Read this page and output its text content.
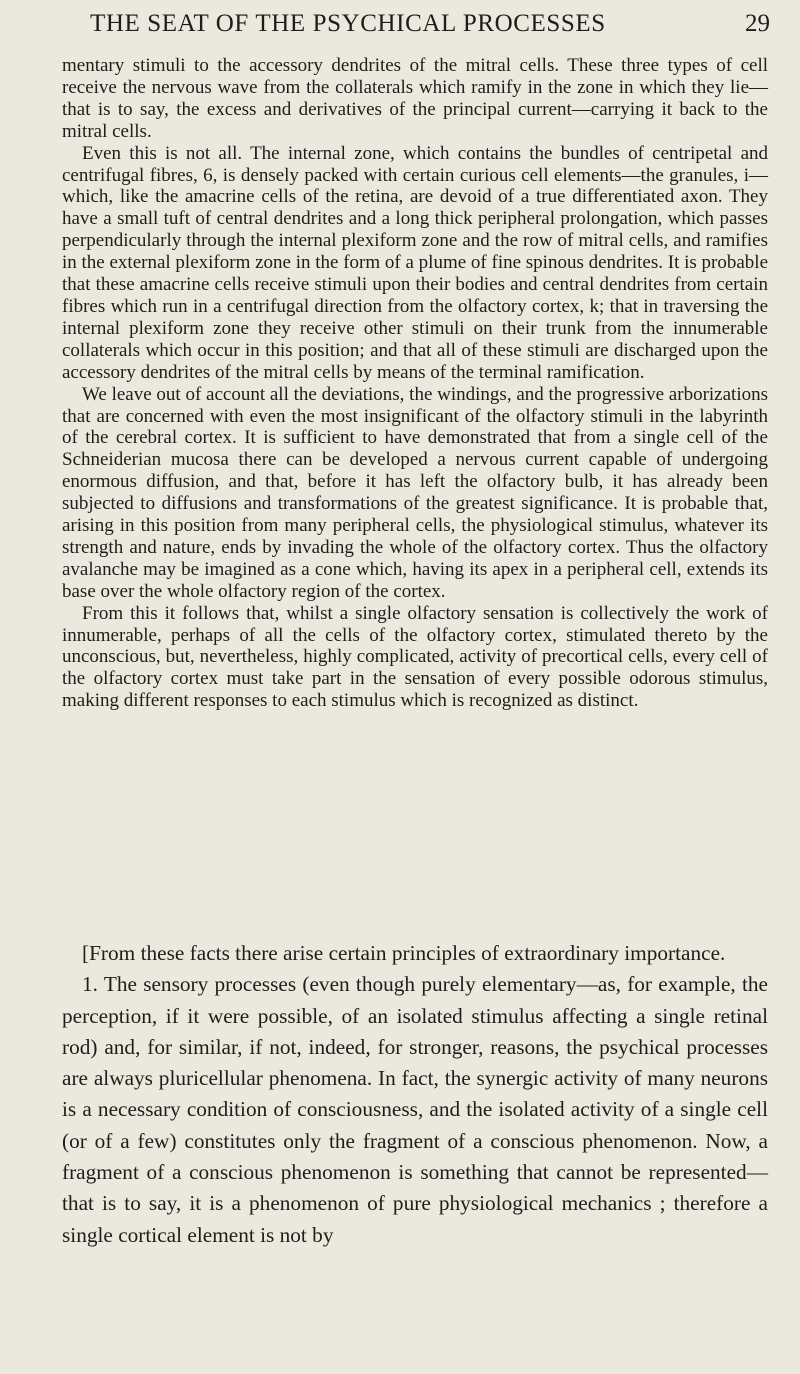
THE SEAT OF THE PSYCHICAL PROCESSES	29

mentary stimuli to the accessory dendrites of the mitral cells. These three types of cell receive the nervous wave from the collaterals which ramify in the zone in which they lie—that is to say, the excess and derivatives of the principal current—carrying it back to the mitral cells.

Even this is not all. The internal zone, which contains the bundles of centripetal and centrifugal fibres, 6, is densely packed with certain curious cell elements—the granules, i—which, like the amacrine cells of the retina, are devoid of a true differentiated axon. They have a small tuft of central dendrites and a long thick peripheral prolongation, which passes perpendicularly through the internal plexiform zone and the row of mitral cells, and ramifies in the external plexiform zone in the form of a plume of fine spinous dendrites. It is probable that these amacrine cells receive stimuli upon their bodies and central dendrites from certain fibres which run in a centrifugal direction from the olfactory cortex, k; that in traversing the internal plexiform zone they receive other stimuli on their trunk from the innumerable collaterals which occur in this position; and that all of these stimuli are discharged upon the accessory dendrites of the mitral cells by means of the terminal ramification.

We leave out of account all the deviations, the windings, and the progressive arborizations that are concerned with even the most insignificant of the olfactory stimuli in the labyrinth of the cerebral cortex. It is sufficient to have demonstrated that from a single cell of the Schneiderian mucosa there can be developed a nervous current capable of undergoing enormous diffusion, and that, before it has left the olfactory bulb, it has already been subjected to diffusions and transformations of the greatest significance. It is probable that, arising in this position from many peripheral cells, the physiological stimulus, whatever its strength and nature, ends by invading the whole of the olfactory cortex. Thus the olfactory avalanche may be imagined as a cone which, having its apex in a peripheral cell, extends its base over the whole olfactory region of the cortex.

From this it follows that, whilst a single olfactory sensation is collectively the work of innumerable, perhaps of all the cells of the olfactory cortex, stimulated thereto by the unconscious, but, nevertheless, highly complicated, activity of precortical cells, every cell of the olfactory cortex must take part in the sensation of every possible odorous stimulus, making different responses to each stimulus which is recognized as distinct.

[From these facts there arise certain principles of extraordinary importance.

1. The sensory processes (even though purely elementary—as, for example, the perception, if it were possible, of an isolated stimulus affecting a single retinal rod) and, for similar, if not, indeed, for stronger, reasons, the psychical processes are always pluricellular phenomena. In fact, the synergic activity of many neurons is a necessary condition of consciousness, and the isolated activity of a single cell (or of a few) constitutes only the fragment of a conscious phenomenon. Now, a fragment of a conscious phenomenon is something that cannot be represented—that is to say, it is a phenomenon of pure physiological mechanics ; therefore a single cortical element is not by
